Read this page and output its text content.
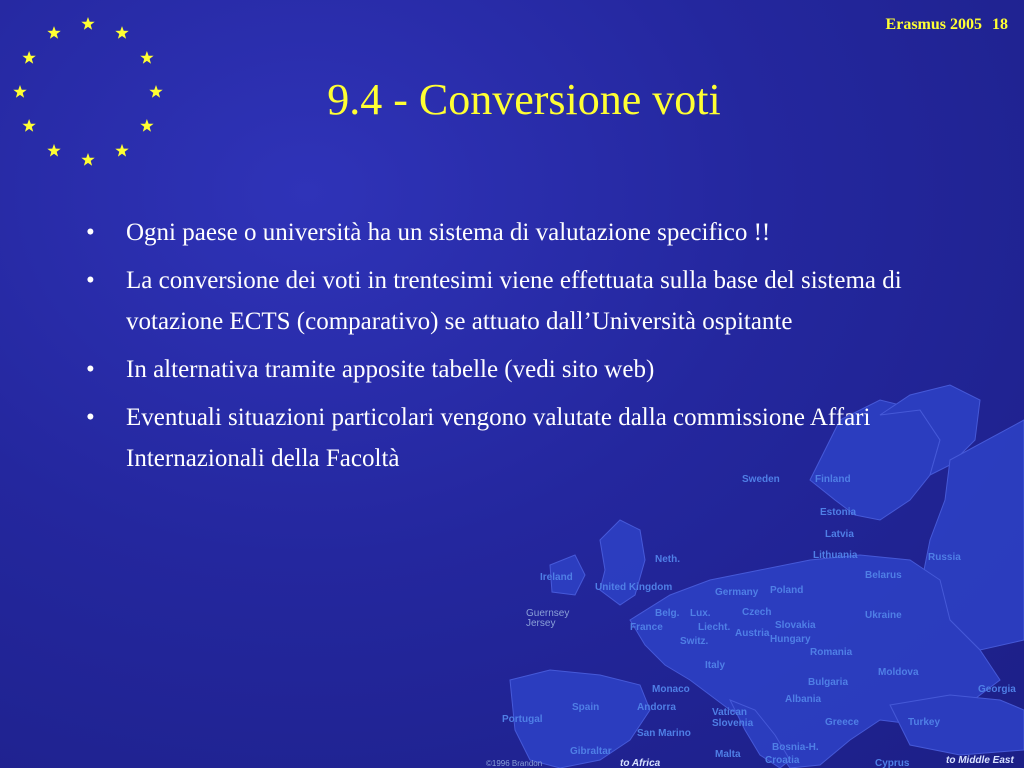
Erasmus 2005 18
Sweden	Finland
Russia
Estonia
Latvia
Lithuania
Ireland
United Kingdom
Neth.
Germany Poland
Belarus
Ukraine
Guernsey
Jersey
Belg. Lux.
France
Czech
Slovakia
Liecht.
Austria
Hungary
Switz.
Romania
Moldova
Italy
Monaco
Andorra	Vatican
Slovenia
Bulgaria
Georgia
Portugal
Spain
San Marino
Turkey
Gibraltar	Malta
Bosnia-H.
Croatia	Cyprus
Greece
Albania
to Africa	to Middle East
©1996 Brandon
9.4 - Conversione voti
• Ogni paese o università ha un sistema di valutazione specifico !!
• La conversione dei voti in trentesimi viene effettuata sulla base del sistema di votazione ECTS (comparativo) se attuato dall’Università ospitante
• In alternativa tramite apposite tabelle (vedi sito web)
• Eventuali situazioni particolari vengono valutate dalla commissione Affari Internazionali della Facoltà
